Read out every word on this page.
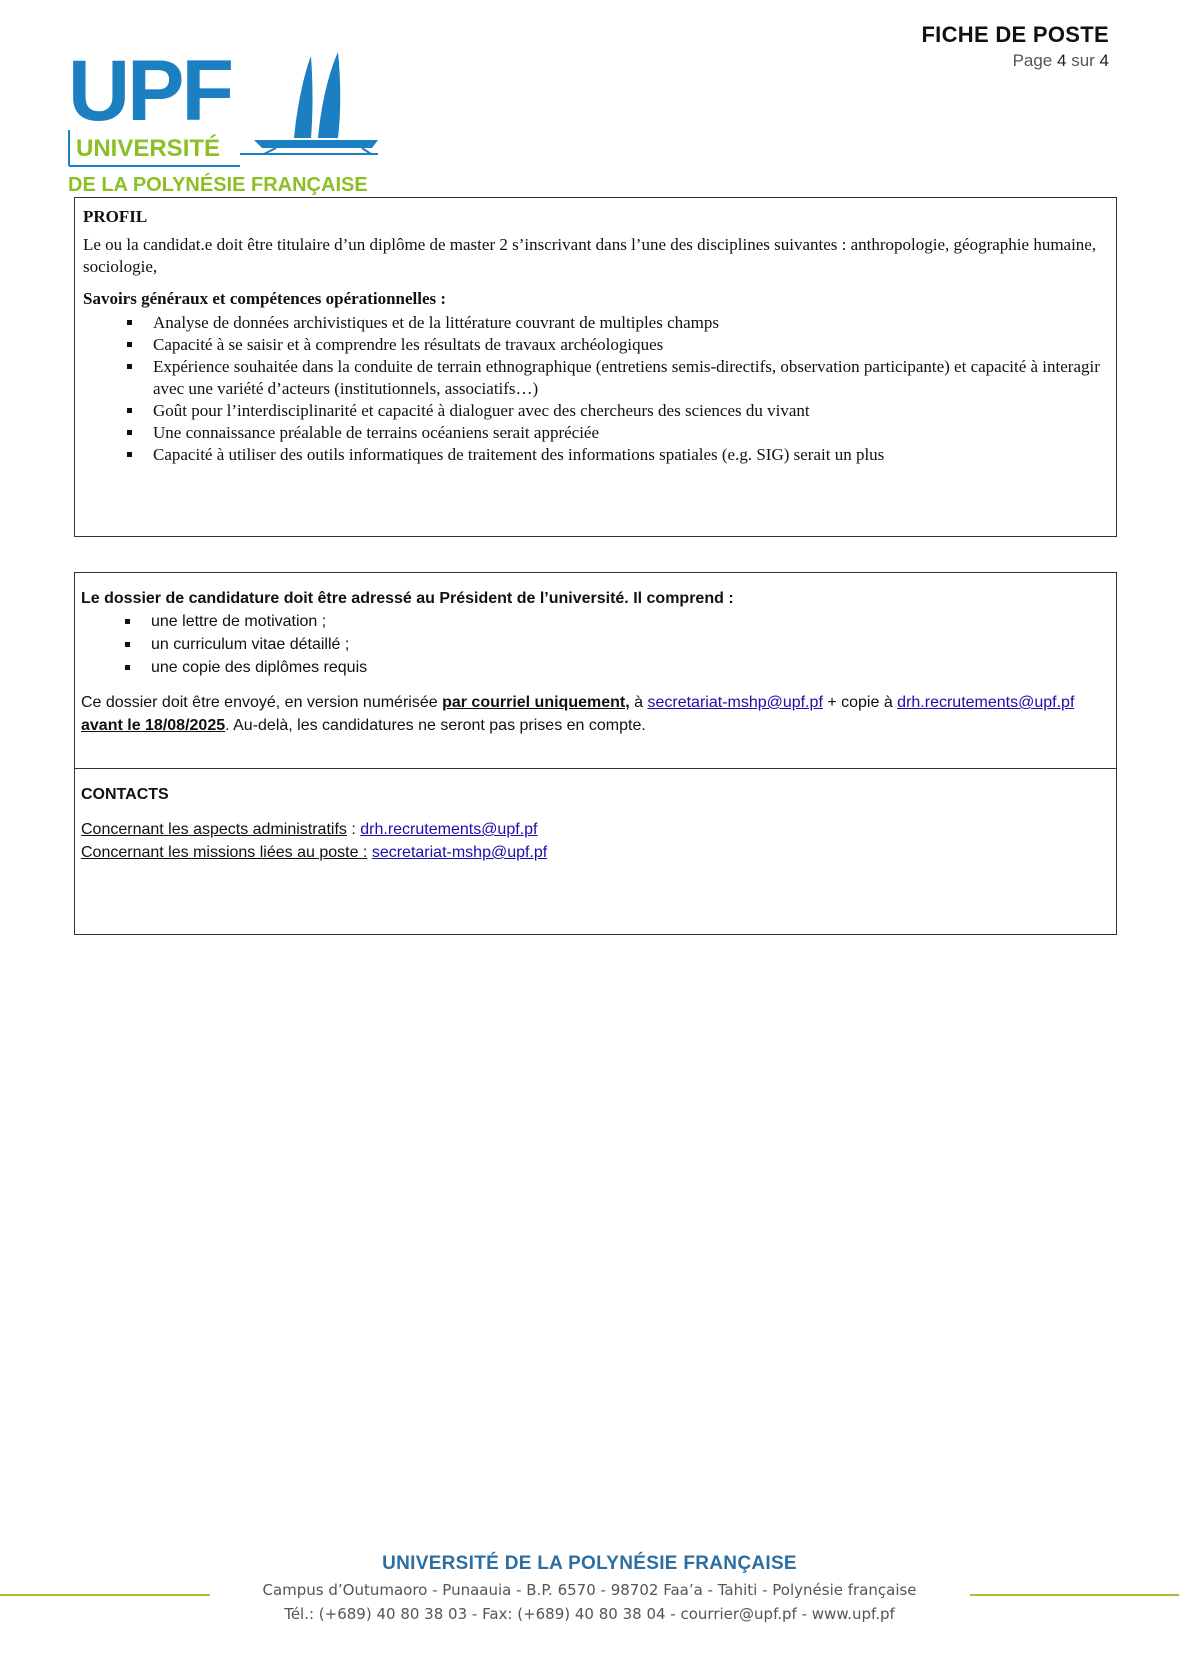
FICHE DE POSTE
Page 4 sur 4
UPF
UNIVERSITÉ
DE LA POLYNÉSIE FRANÇAISE
PROFIL

Le ou la candidat.e doit être titulaire d’un diplôme de master 2 s’inscrivant dans l’une des disciplines suivantes : anthropologie, géographie humaine, sociologie,

Savoirs généraux et compétences opérationnelles :
Analyse de données archivistiques et de la littérature couvrant de multiples champs
Capacité à se saisir et à comprendre les résultats de travaux archéologiques
Expérience souhaitée dans la conduite de terrain ethnographique (entretiens semis-directifs, observation participante) et capacité à interagir avec une variété d’acteurs (institutionnels, associatifs…)
Goût pour l’interdisciplinarité et capacité à dialoguer avec des chercheurs des sciences du vivant
Une connaissance préalable de terrains océaniens serait appréciée
Capacité à utiliser des outils informatiques de traitement des informations spatiales (e.g. SIG) serait un plus
Le dossier de candidature doit être adressé au Président de l’université. Il comprend :
une lettre de motivation ;
un curriculum vitae détaillé ;
une copie des diplômes requis

Ce dossier doit être envoyé, en version numérisée par courriel uniquement, à secretariat-mshp@upf.pf + copie à drh.recrutements@upf.pf
avant le 18/08/2025. Au-delà, les candidatures ne seront pas prises en compte.

CONTACTS
Concernant les aspects administratifs : drh.recrutements@upf.pf
Concernant les missions liées au poste : secretariat-mshp@upf.pf
UNIVERSITÉ DE LA POLYNÉSIE FRANÇAISE
Campus d’Outumaoro - Punaauia - B.P. 6570 - 98702 Faa’a - Tahiti - Polynésie française
Tél.: (+689) 40 80 38 03 - Fax: (+689) 40 80 38 04 - courrier@upf.pf - www.upf.pf
